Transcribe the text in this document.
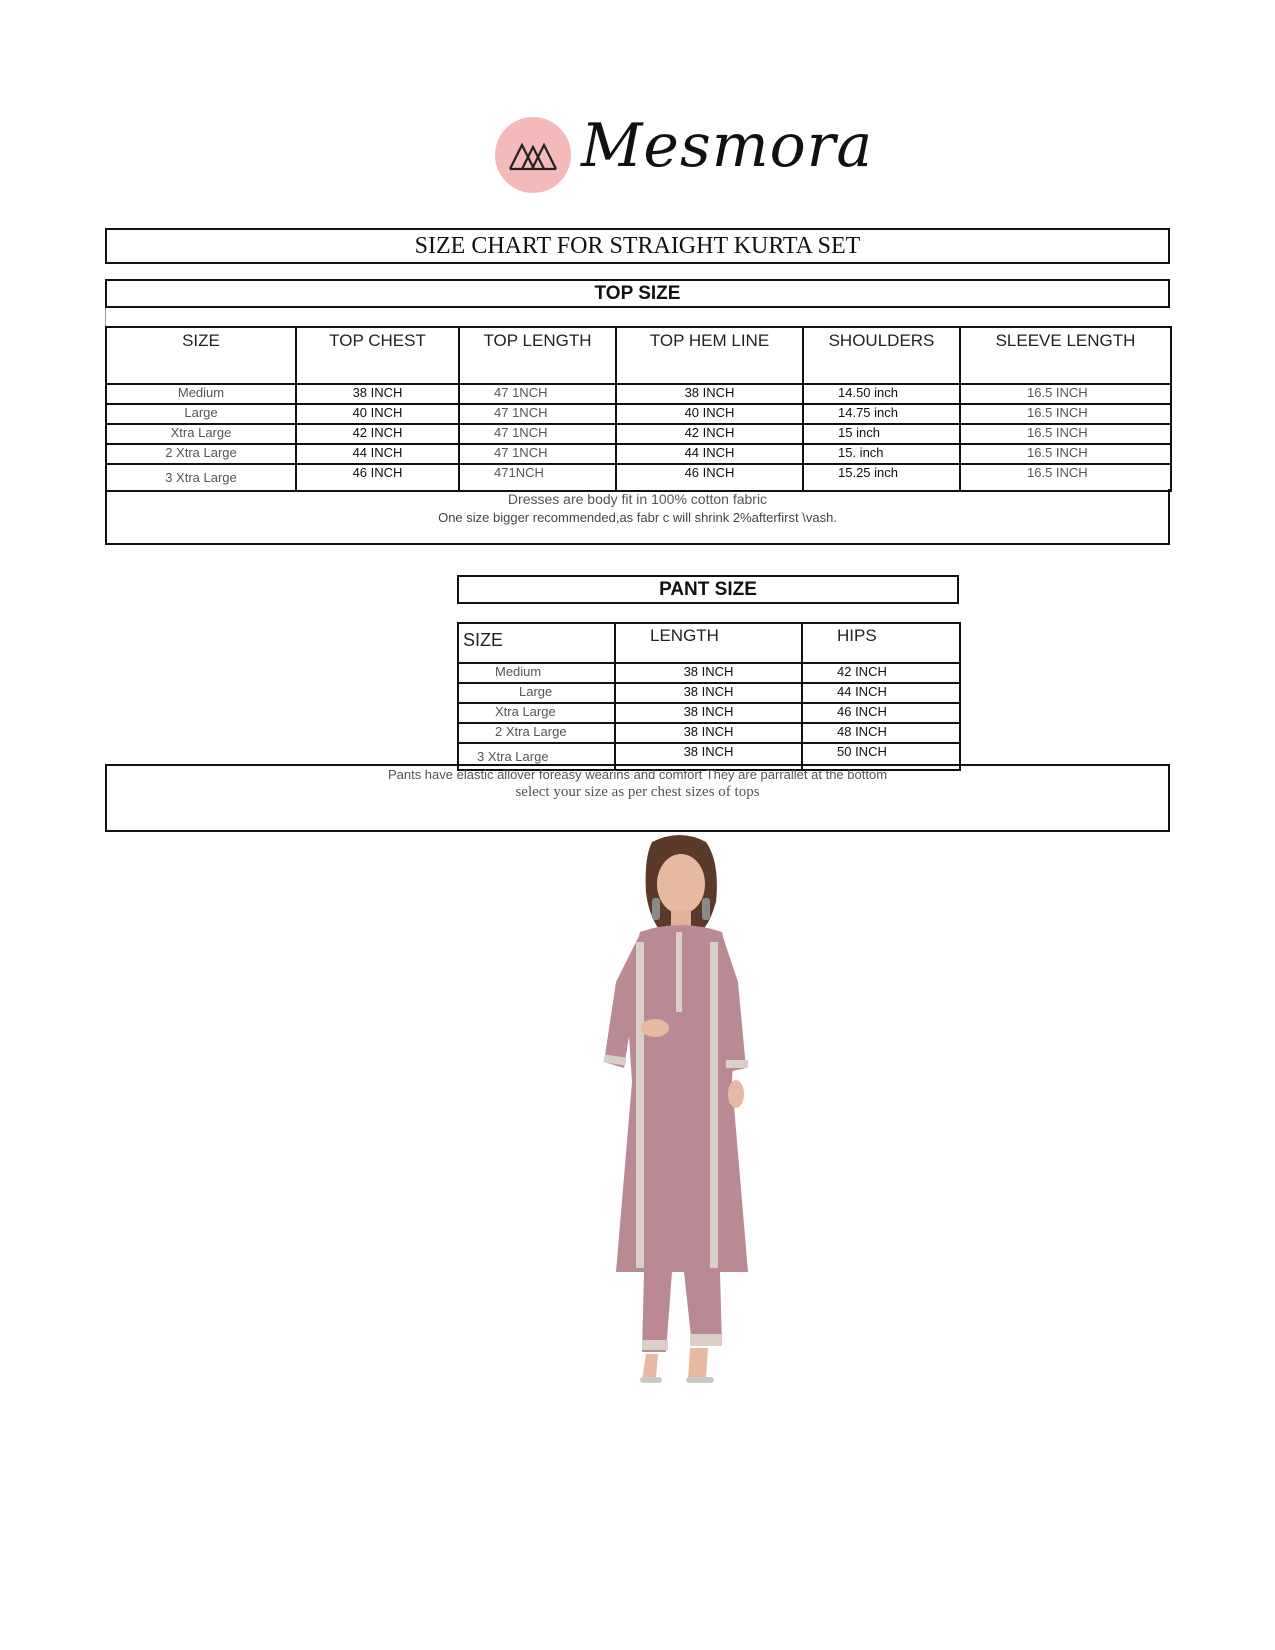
Mesmora
SIZE CHART FOR STRAIGHT KURTA SET
TOP SIZE
SIZE	TOP CHEST	TOP LENGTH	TOP HEM LINE	SHOULDERS	SLEEVE LENGTH
Medium	38 INCH	47 1NCH	38 INCH	14.50 inch	16.5 INCH
Large	40 INCH	47 1NCH	40 INCH	14.75 inch	16.5 INCH
Xtra Large	42 INCH	47 1NCH	42 INCH	15 inch	16.5 INCH
2 Xtra Large	44 INCH	47 1NCH	44 INCH	15. inch	16.5 INCH
3 Xtra Large	46 INCH	471NCH	46 INCH	15.25 inch	16.5 INCH
Dresses are body fit in 100% cotton fabric
One size bigger recommended,as fabr c will shrink 2%afterfirst \vash.
PANT SIZE
SIZE	LENGTH	HIPS
Medium	38 INCH	42 INCH
Large	38 INCH	44 INCH
Xtra Large	38 INCH	46 INCH
2 Xtra Large	38 INCH	48 INCH
3 Xtra Large	38 INCH	50 INCH
Pants have elastic allover foreasy wearins and comfort They are parrallet at the bottom
select your size as per chest sizes of tops
